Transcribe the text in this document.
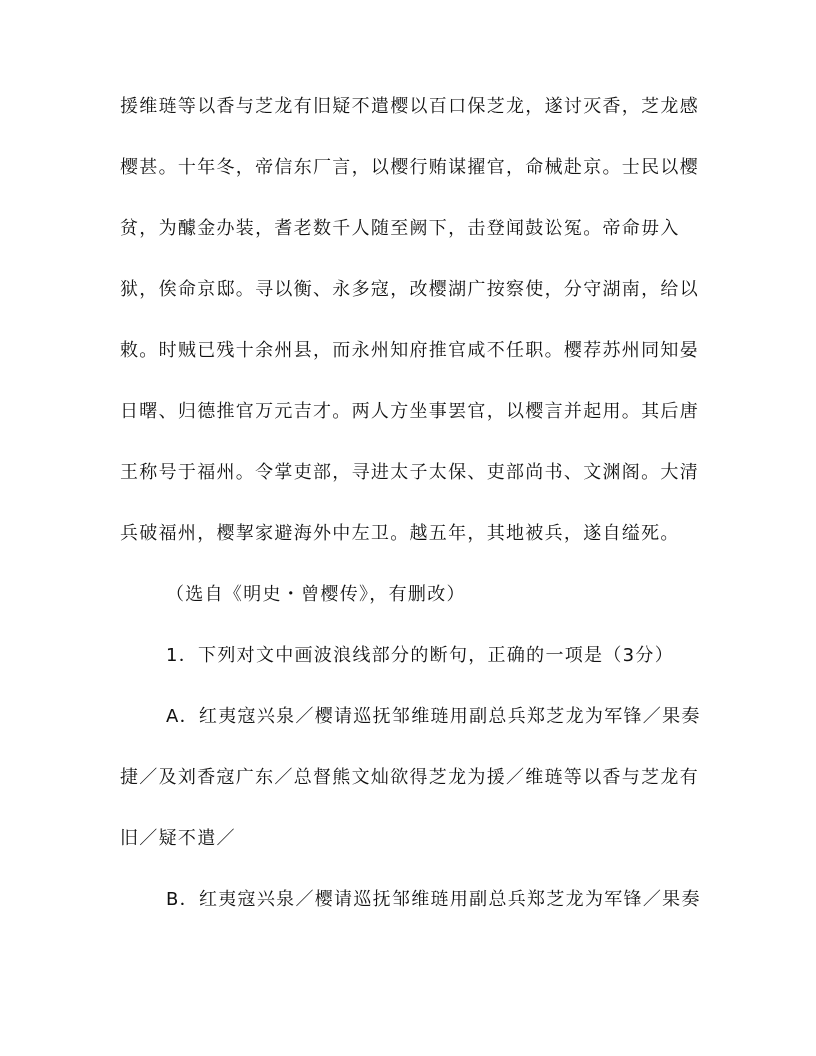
援维琏等以香与芝龙有旧疑不遣樱以百口保芝龙，遂讨灭香，芝龙感
樱甚。十年冬，帝信东厂言，以樱行贿谋擢官，命械赴京。士民以樱
贫，为醵金办装，耆老数千人随至阙下，击登闻鼓讼冤。帝命毋入
狱，俟命京邸。寻以衡、永多寇，改樱湖广按察使，分守湖南，给以
敕。时贼已残十余州县，而永州知府推官咸不任职。樱荐苏州同知晏
日曙、归德推官万元吉才。两人方坐事罢官，以樱言并起用。其后唐
王称号于福州。令掌吏部，寻进太子太保、吏部尚书、文渊阁。大清
兵破福州，樱挈家避海外中左卫。越五年，其地被兵，遂自缢死。
（选自《明史・曾樱传》，有删改）
1．下列对文中画波浪线部分的断句，正确的一项是（3分）
A．红夷寇兴泉／樱请巡抚邹维琏用副总兵郑芝龙为军锋／果奏
捷／及刘香寇广东／总督熊文灿欲得芝龙为援／维琏等以香与芝龙有
旧／疑不遣／
B．红夷寇兴泉／樱请巡抚邹维琏用副总兵郑芝龙为军锋／果奏
